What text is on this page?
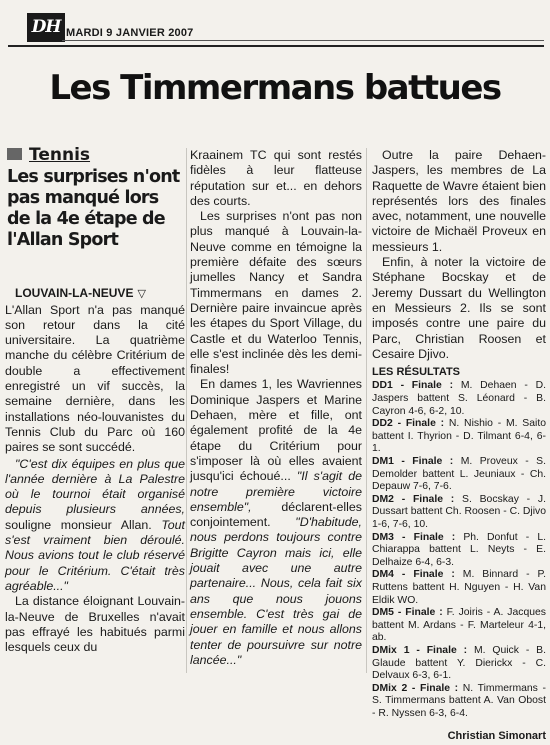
DH MARDI 9 JANVIER 2007
Les Timmermans battues
Tennis
Les surprises n'ont pas manqué lors de la 4e étape de l'Allan Sport
LOUVAIN-LA-NEUVE ▽

L'Allan Sport n'a pas manqué son retour dans la cité universitaire. La quatrième manche du célèbre Critérium de double a effectivement enregistré un vif succès, la semaine dernière, dans les installations néo-louvanistes du Tennis Club du Parc où 160 paires se sont succédé.

"C'est dix équipes en plus que l'année dernière à La Palestre où le tournoi était organisé depuis plusieurs années, souligne monsieur Allan. Tout s'est vraiment bien déroulé. Nous avions tout le club réservé pour le Critérium. C'était très agréable..."

La distance éloignant Louvain-la-Neuve de Bruxelles n'avait pas effrayé les habitués parmi lesquels ceux du

Kraainem TC qui sont restés fidèles à leur flatteuse réputation sur et... en dehors des courts.

Les surprises n'ont pas non plus manqué à Louvain-la-Neuve comme en témoigne la première défaite des sœurs jumelles Nancy et Sandra Timmermans en dames 2. Dernière paire invaincue après les étapes du Sport Village, du Castle et du Waterloo Tennis, elle s'est inclinée dès les demi-finales!

En dames 1, les Wavriennes Dominique Jaspers et Marine Dehaen, mère et fille, ont également profité de la 4e étape du Critérium pour s'imposer là où elles avaient jusqu'ici échoué... "Il s'agit de notre première victoire ensemble", déclarent-elles conjointement. "D'habitude, nous perdons toujours contre Brigitte Cayron mais ici, elle jouait avec une autre partenaire... Nous, cela fait six ans que nous jouons ensemble. C'est très gai de jouer en famille et nous allons tenter de poursuivre sur notre lancée..."

Outre la paire Dehaen-Jaspers, les membres de La Raquette de Wavre étaient bien représentés lors des finales avec, notamment, une nouvelle victoire de Michaël Proveux en messieurs 1.

Enfin, à noter la victoire de Stéphane Bocskay et de Jeremy Dussart du Wellington en Messieurs 2. Ils se sont imposés contre une paire du Parc, Christian Roosen et Cesaire Djivo.

LES RÉSULTATS

DD1 - Finale : M. Dehaen - D. Jaspers battent S. Léonard - B. Cayron 4-6, 6-2, 10.

DD2 - Finale : N. Nishio - M. Saito battent I. Thyrion - D. Tilmant 6-4, 6-1.

DM1 - Finale : M. Proveux - S. Demolder battent L. Jeuniaux - Ch. Depauw 7-6, 7-6.

DM2 - Finale : S. Bocskay - J. Dussart battent Ch. Roosen - C. Djivo 1-6, 7-6, 10.

DM3 - Finale : Ph. Donfut - L. Chiarappa battent L. Neyts - E. Delhaize 6-4, 6-3.

DM4 - Finale : M. Binnard - P. Ruttens battent H. Nguyen - H. Van Eldik WO.

DM5 - Finale : F. Joiris - A. Jacques battent M. Ardans - F. Marteleur 4-1, ab.

DMix 1 - Finale : M. Quick - B. Glaude battent Y. Dierickx - C. Delvaux 6-3, 6-1.

DMix 2 - Finale : N. Timmermans - S. Timmermans battent A. Van Obost - R. Nyssen 6-3, 6-4.

Christian Simonart
